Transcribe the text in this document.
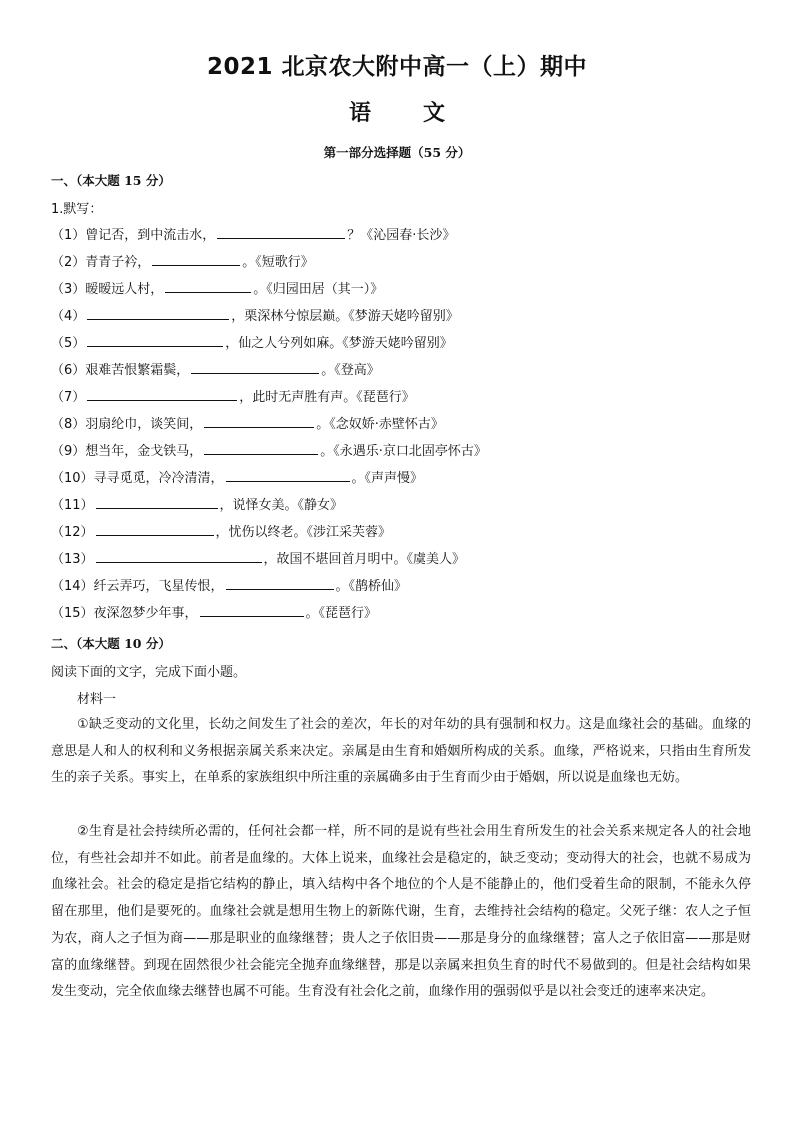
2021 北京农大附中高一（上）期中
语 文
第一部分选择题（55 分）
一、（本大题 15 分）
1.默写：
（1）曾记否，到中流击水，	？《沁园春·长沙》
（2）青青子衿，	。《短歌行》
（3）暧暧远人村，	。《归园田居（其一）》
（4）	，栗深林兮惊层巅。《梦游天姥吟留别》
（5）	，仙之人兮列如麻。《梦游天姥吟留别》
（6）艰难苦恨繁霜鬓，	。《登高》
（7）	，此时无声胜有声。《琵琶行》
（8）羽扇纶巾，谈笑间，	。《念奴娇·赤壁怀古》
（9）想当年，金戈铁马，	。《永遇乐·京口北固亭怀古》
（10）寻寻觅觅，冷冷清清，	。《声声慢》
（11）	，说怿女美。《静女》
（12）	，忧伤以终老。《涉江采芙蓉》
（13）	，故国不堪回首月明中。《虞美人》
（14）纤云弄巧，飞星传恨，	。《鹊桥仙》
（15）夜深忽梦少年事，	。《琵琶行》
二、（本大题 10 分）
阅读下面的文字，完成下面小题。
材料一
①缺乏变动的文化里，长幼之间发生了社会的差次，年长的对年幼的具有强制和权力。这是血缘社会的基础。血缘的意思是人和人的权利和义务根据亲属关系来决定。亲属是由生育和婚姻所构成的关系。血缘，严格说来，只指由生育所发生的亲子关系。事实上，在单系的家族组织中所注重的亲属确多由于生育而少由于婚姻，所以说是血缘也无妨。
②生育是社会持续所必需的，任何社会都一样，所不同的是说有些社会用生育所发生的社会关系来规定各人的社会地位，有些社会却并不如此。前者是血缘的。大体上说来，血缘社会是稳定的，缺乏变动；变动得大的社会，也就不易成为血缘社会。社会的稳定是指它结构的静止，填入结构中各个地位的个人是不能静止的，他们受着生命的限制，不能永久停留在那里，他们是要死的。血缘社会就是想用生物上的新陈代谢，生育，去维持社会结构的稳定。父死子继：农人之子恒为农，商人之子恒为商——那是职业的血缘继替；贵人之子依旧贵——那是身分的血缘继替；富人之子依旧富——那是财富的血缘继替。到现在固然很少社会能完全抛弃血缘继替，那是以亲属来担负生育的时代不易做到的。但是社会结构如果发生变动，完全依血缘去继替也属不可能。生育没有社会化之前，血缘作用的强弱似乎是以社会变迁的速率来决定。
